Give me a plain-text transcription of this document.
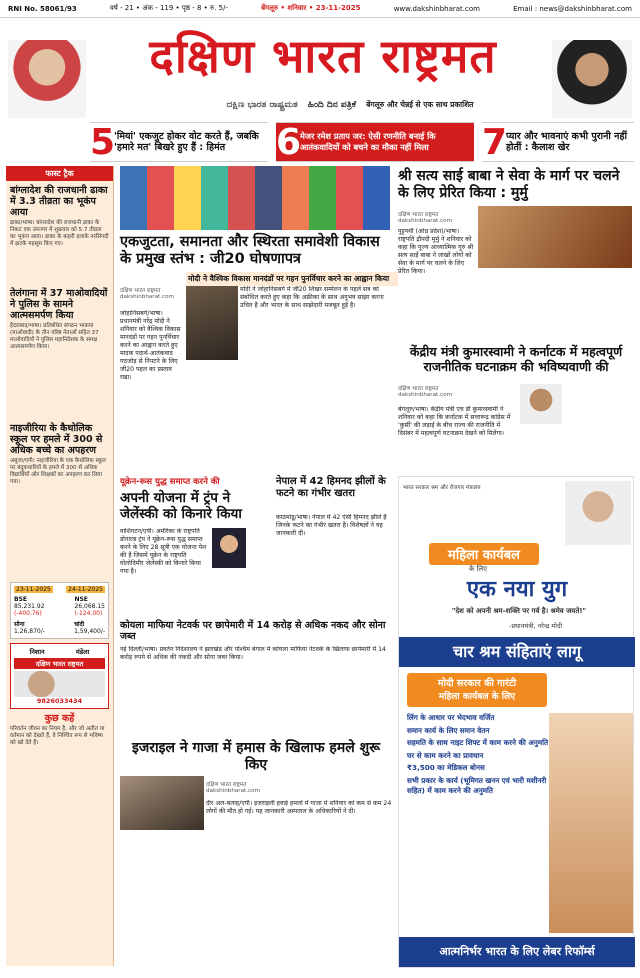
RNI No. 58061/93	वर्ष - 21 • अंक - 119 • पृष्ठ - 8 • रु. 5/-	बेंगलूरु • शनिवार • 23-11-2025	www.dakshinbharat.com	Email : news@dakshinbharat.com
दक्षिण भारत राष्ट्रमत
ದಕ್ಷಿಣ ಭಾರತ ರಾಷ್ಟ್ರಮತ ಹಿಂದಿ ದಿನ ಪತ್ರಿಕೆ बेंगलूरु और चेन्नई से एक साथ प्रकाशित
5
'मियां' एकजुट होकर वोट करते हैं, जबकि 'हमारे मत' बिखरे हुए हैं : हिमंत	6
मेजर रमेश प्रताप जर: ऐसी रणनीति बनाई कि आतंकवादियों को बचने का मौका नहीं मिला	7
प्यार और भावनाएं कभी पुरानी नहीं होतीं : कैलाश खेर
फास्ट ट्रैक
बांग्लादेश की राजधानी ढाका में 3.3 तीव्रता का भूकंप आया
ढाका/भाषा। बांग्लादेश की राजधानी ढाका के निकट एक उपनगर में शुक्रवार को 5.7 तीव्रता का भूकंप आया। ढाका के बाहरी इलाके नरसिंगदी में झटके महसूस किए गए।
तेलंगाना में 37 माओवादियों ने पुलिस के सामने आत्मसमर्पण किया
हैदराबाद/भाषा। प्रतिबंधित संगठन भाकपा (माओवादी) के तीन वरिष्ठ नेताओं सहित 37 माओवादियों ने पुलिस महानिदेशक के समक्ष आत्मसमर्पण किया।
नाइजीरिया के कैथोलिक स्कूल पर हमले में 300 से अधिक बच्चे का अपहरण
अबुजा/एपी। नाइजीरिया के एक कैथोलिक स्कूल पर बंदूकधारियों के हमले में 300 से अधिक विद्यार्थियों और शिक्षकों का अपहरण कर लिया गया।
23-11-2025	24-11-2025
BSE
85,231.92
(-400.76)
NSE
26,068.15
(-124.00)
सोना
1,26,870/-
चांदी
1,59,400/-
निशान	मंडेला
दक्षिण भारत राष्ट्रमत
9826033434
कुछ कहें
परिवर्तन जीवन का नियम है, और जो अतीत या वर्तमान को देखते हैं, वे निश्चित रूप से भविष्य को खो देते हैं।
एकजुटता, समानता और स्थिरता समावेशी विकास के प्रमुख स्तंभ : जी20 घोषणापत्र
मोदी ने वैश्विक विकास मानदंडों पर गहन पुनर्विचार करने का आह्वान किया
दक्षिण भारत राष्ट्रमत
dakshinbharat.com
जोहानिसबर्ग/भाषा। प्रधानमंत्री नरेंद्र मोदी ने शनिवार को वैश्विक विकास मानदंडों पर गहन पुनर्विचार करने का आह्वान करते हुए मादक पदार्थ-आतंकवाद गठजोड़ से निपटने के लिए जी20 पहल का प्रस्ताव रखा।
मोदी ने जोहानिसबर्ग में जी20 शिखर सम्मेलन के पहले सत्र को संबोधित करते हुए कहा कि अफ्रीका के साथ अनुभव साझा करना उचित है और भारत के साथ साझेदारी मजबूत हुई है।
श्री सत्य साई बाबा ने सेवा के मार्ग पर चलने के लिए प्रेरित किया : मुर्मु
दक्षिण भारत राष्ट्रमत
dakshinbharat.com
पुट्टपर्थी (आंध्र प्रदेश)/भाषा। राष्ट्रपति द्रौपदी मुर्मु ने शनिवार को कहा कि पूज्य आध्यात्मिक गुरु श्री सत्य साईं बाबा ने लाखों लोगों को सेवा के मार्ग पर चलने के लिए प्रेरित किया।
केंद्रीय मंत्री कुमारस्वामी ने कर्नाटक में महत्वपूर्ण राजनीतिक घटनाक्रम की भविष्यवाणी की
दक्षिण भारत राष्ट्रमत
dakshinbharat.com
बेंगलूरु/भाषा। केंद्रीय मंत्री एच डी कुमारस्वामी ने शनिवार को कहा कि कर्नाटक में सत्तारूढ़ कांग्रेस में 'कुर्सी' की लड़ाई के बीच राज्य की राजनीति में दिसंबर में महत्वपूर्ण घटनाक्रम देखने को मिलेगा।
यूक्रेन-रूस युद्ध समाप्त करने की
अपनी योजना में ट्रंप ने जेलेंस्की को किनारे किया
वाशिंगटन/एपी। अमेरिका के राष्ट्रपति डोनाल्ड ट्रंप ने यूक्रेन-रूस युद्ध समाप्त करने के लिए 28 सूत्री एक योजना पेश की है जिसमें यूक्रेन के राष्ट्रपति वोलोदिमीर जेलेंस्की को किनारे किया गया है।
नेपाल में 42 हिमनद झीलों के फटने का गंभीर खतरा
काठमांडू/भाषा। नेपाल में 42 ऐसी हिमनद झीलें हैं जिनके फटने का गंभीर खतरा है। विशेषज्ञों ने यह जानकारी दी।
कोयला माफिया नेटवर्क पर छापेमारी में 14 करोड़ से अधिक नकद और सोना जब्त
नई दिल्ली/भाषा। प्रवर्तन निदेशालय ने झारखंड और पश्चिम बंगाल में कोयला माफिया नेटवर्क के खिलाफ छापेमारी में 14 करोड़ रुपये से अधिक की नकदी और सोना जब्त किया।
इजराइल ने गाजा में हमास के खिलाफ हमले शुरू किए
दक्षिण भारत राष्ट्रमत
dakshinbharat.com
दीर अल-बलाह/एपी। इजराइली हवाई हमलों में गाजा में शनिवार को कम से कम 24 लोगों की मौत हो गई। यह जानकारी अस्पताल के अधिकारियों ने दी।
भारत सरकार श्रम और रोजगार मंत्रालय
महिला कार्यबल
के लिए
एक नया युग
"देश को अपनी श्रम-शक्ति पर गर्व है। श्रमेव जयते!"
-प्रधानमंत्री, नरेन्द्र मोदी
चार श्रम संहिताएं लागू
मोदी सरकार की गारंटी
महिला कार्यबल के लिए
लिंग के आधार पर भेदभाव वर्जित
समान कार्य के लिए समान वेतन
सहमति के साथ नाइट शिफ्ट में काम करने की अनुमति
घर से काम करने का प्रावधान
₹3,500 का मेडिकल बोनस
सभी प्रकार के कार्य (भूमिगत खनन एवं भारी मशीनरी सहित) में काम करने की अनुमति
आत्मनिर्भर भारत के लिए लेबर रिफॉर्म्स
